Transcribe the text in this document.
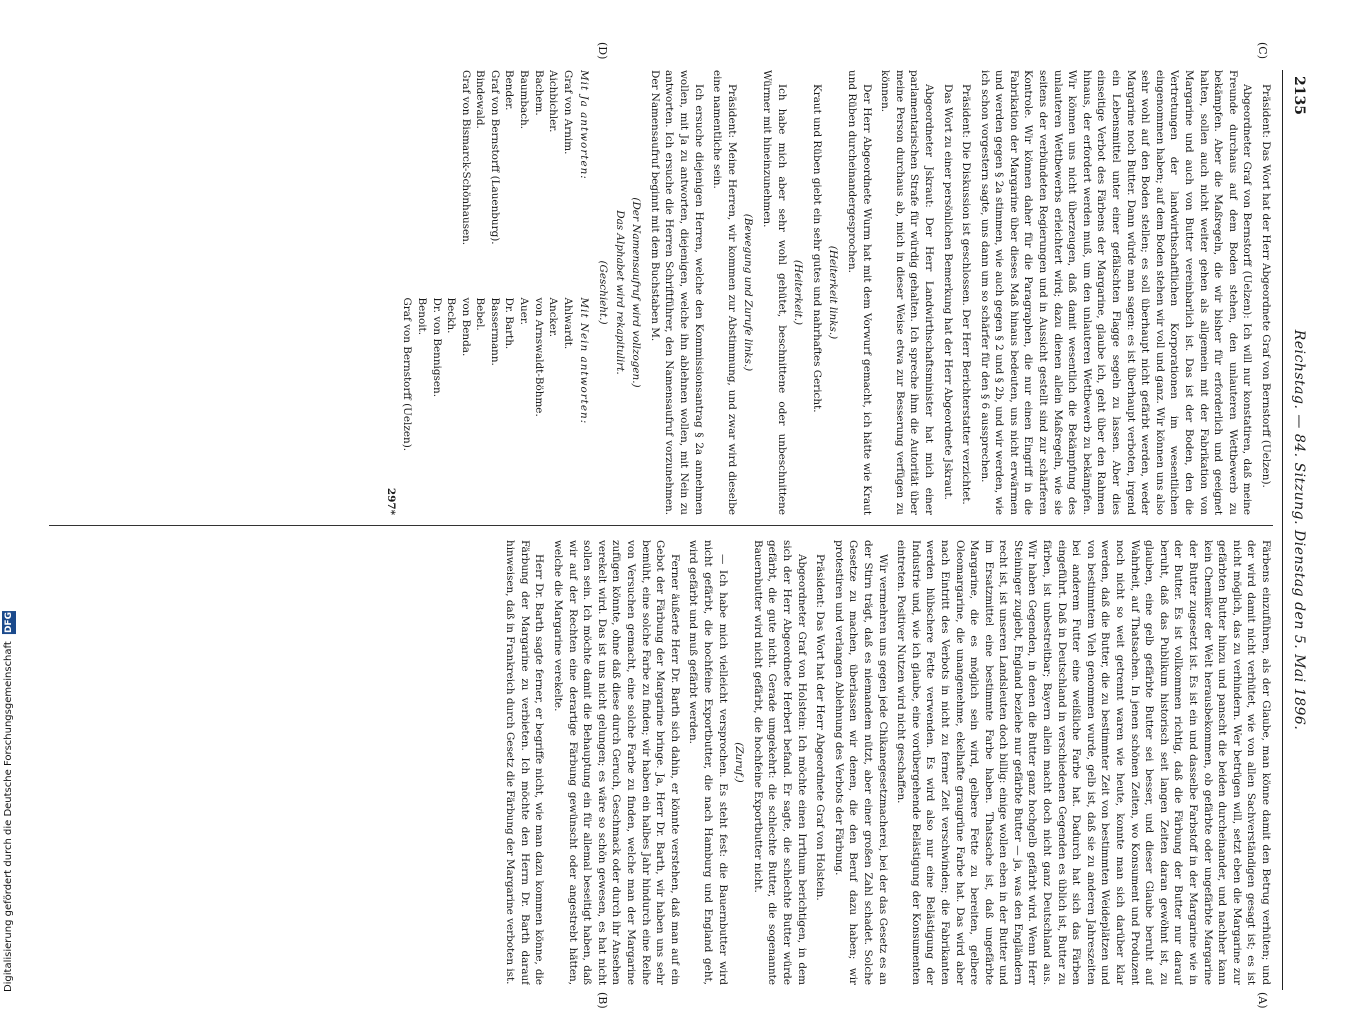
2135
Reichstag. — 84. Sitzung. Dienstag den 5. Mai 1896.
(C)
(D)
(A)
(B)

Präsident: Das Wort hat der Herr Abgeordnete Graf von Bernstorff (Uelzen).

Abgeordneter Graf von Bernstorff (Uelzen): Ich will nur konstatiren, daß meine Freunde durchaus auf dem Boden stehen, den unlauteren Wettbewerb zu bekämpfen. Aber die Maßregeln, die wir bisher für erforderlich und geeignet halten, sollen auch nicht weiter gehen als allgemein mit der Fabrikation von Margarine und auch von Butter vereinbarlich ist. Das ist der Boden, den die Vertretungen der landwirthschaftlichen Korporationen im wesentlichen eingenommen haben; auf dem Boden stehen wir voll und ganz. Wir können uns also sehr wohl auf den Boden stellen; es soll überhaupt nicht gefärbt werden, weder Margarine noch Butter. Dann würde man sagen: es ist überhaupt verboten, irgend ein Lebensmittel unter einer gefälschten Flagge segeln zu lassen. Aber dies einseitige Verbot des Färbens der Margarine, glaube ich, geht über den Rahmen hinaus, der erfordert werden muß, um den unlauteren Wettbewerb zu bekämpfen. Wir können uns nicht überzeugen, daß damit wesentlich die Bekämpfung des unlauteren Wettbewerbs erleichtert wird; dazu dienen allein Maßregeln, wie sie seitens der verbündeten Regierungen und in Aussicht gestellt sind zur schärferen Kontrole. Wir können daher für die Paragraphen, die nur einen Eingriff in die Fabrikation der Margarine über dieses Maß hinaus bedeuten, uns nicht erwärmen und werden gegen § 2a stimmen, wie auch gegen § 2 und § 2b, und wir werden, wie ich schon vorgestern sagte, uns dann um so schärfer für den § 6 aussprechen.

Präsident: Die Diskussion ist geschlossen. Der Herr Berichterstatter verzichtet.

Das Wort zu einer persönlichen Bemerkung hat der Herr Abgeordnete Jskraut.

Abgeordneter Jskraut: Der Herr Landwirthschaftsminister hat mich einer parlamentarischen Strafe für würdig gehalten. Ich spreche ihm die Autorität über meine Person durchaus ab, mich in dieser Weise etwa zur Besserung verfügen zu können.

Der Herr Abgeordnete Wurm hat mit dem Vorwurf gemacht, ich hätte wie Kraut und Rüben durcheinandergesprochen.

(Heiterkeit links.)

Kraut und Rüben giebt ein sehr gutes und nahrhaftes Gericht.

(Heiterkeit.)

Ich habe mich aber sehr wohl gehütet, beschnittene oder unbeschnittene Würmer mit hineinzunehmen.

(Bewegung und Zurufe links.)

Präsident: Meine Herren, wir kommen zur Abstimmung, und zwar wird dieselbe eine namentliche sein.

Ich ersuche diejenigen Herren, welche den Kommissionsantrag § 2a annehmen wollen, mit Ja zu antworten, diejenigen, welche ihn ablehnen wollen, mit Nein zu antworten. Ich ersuche die Herren Schriftführer, den Namensaufruf vorzunehmen. Der Namensaufruf beginnt mit dem Buchstaben M.

(Der Namensaufruf wird vollzogen.)

Das Alphabet wird rekapitulirt.

(Geschieht.)

Mit Ja antworten:
Graf von Arnim.
Aichbichler.
Bachem.
Baumbach.
Bender.
Graf von Bernstorff (Lauenburg).
Bindewald.
Graf von Bismarck-Schönhausen.
Mit Nein antworten:
Ahlwardt.
Ancker.
von Arnswaldt-Böhme.
Auer.
Dr. Barth.
Bassermann.
Bebel.
von Benda.
Beckh.
Dr. von Bennigsen.
Benoit.
Graf von Bernstorff (Uelzen).
297*

Färbens einzuführen, als der Glaube, man könne damit den Betrug verhüten; und der wird damit nicht verhütet, wie von allen Sachverständigen gesagt ist; es ist nicht möglich, das zu verhindern. Wer betrügen will, setzt eben die Margarine zur gefärbten Butter hinzu und panscht die beiden durcheinander, und nachher kann kein Chemiker der Welt herausbekommen, ob gefärbte oder ungefärbte Margarine der Butter zugesetzt ist. Es ist ein und dasselbe Farbstoff in der Margarine wie in der Butter. Es ist vollkommen richtig, daß die Färbung der Butter nur darauf beruht, daß das Publikum historisch seit langen Zeiten daran gewöhnt ist, zu glauben, eine gelb gefärbte Butter sei besser, und dieser Glaube beruht auf Wahrheit, auf Thatsachen. In jenen schönen Zeiten, wo Konsument und Produzent noch nicht so weit getrennt waren wie heute, konnte man sich darüber klar werden, daß die Butter, die zu bestimmter Zeit von bestimmten Weideplätzen und von bestimmtem Vieh genommen wurde, gelb ist, daß sie zu anderen Jahreszeiten bei anderem Futter eine weißliche Farbe hat. Dadurch hat sich das Färben eingeführt. Daß in Deutschland in verschiedenen Gegenden es üblich ist, Butter zu färben, ist unbestreitbar; Bayern allein macht doch nicht ganz Deutschland aus. Wir haben Gegenden, in denen die Butter ganz hochgelb gefärbt wird. Wenn Herr Steininger zugiebt, England beziehe nur gefärbte Butter — ja, was den Engländern recht ist, ist unseren Landsleuten doch billig: einige wollen eben in der Butter und im Ersatzmittel eine bestimmte Farbe haben. Thatsache ist, daß ungefärbte Margarine, die es möglich sein wird, gelbere Fette zu bereiten, gelbere Oleomargarine, die unangenehme, ekelhafte graugrüne Farbe hat. Das wird aber nach Eintritt des Verbots in nicht zu ferner Zeit verschwinden; die Fabrikanten werden hübschere Fette verwenden. Es wird also nur eine Belästigung der Industrie und, wie ich glaube, eine vorübergehende Belästigung der Konsumenten eintreten. Positiver Nutzen wird nicht geschaffen.

Wir vermehren uns gegen jede Chikanegesetzmacherei, bei der das Gesetz es an der Stirn trägt, daß es niemandem nützt, aber einer großen Zahl schadet. Solche Gesetze zu machen, überlassen wir denen, die den Beruf dazu haben; wir protestiren und verlangen Ablehnung des Verbots der Färbung.

Präsident: Das Wort hat der Herr Abgeordnete Graf von Holstein.

Abgeordneter Graf von Holstein: Ich möchte einen Irrthum berichtigen, in dem sich der Herr Abgeordnete Herbert befand. Er sagte, die schlechte Butter würde gefärbt, die gute nicht. Gerade umgekehrt: die schlechte Butter, die sogenannte Bauernbutter wird nicht gefärbt, die hochfeine Exportbutter nicht.

(Zuruf.)

— Ich habe mich vielleicht versprochen. Es steht fest: die Bauernbutter wird nicht gefärbt, die hochfeine Exportbutter, die nach Hamburg und England geht, wird gefärbt und muß gefärbt werden.

Ferner äußerte Herr Dr. Barth sich dahin, er könnte verstehen, daß man auf ein Gebot der Färbung der Margarine bringe. Ja, Herr Dr. Barth, wir haben uns sehr bemüht, eine solche Farbe zu finden; wir haben ein halbes Jahr hindurch eine Reihe von Versuchen gemacht, eine solche Farbe zu finden, welche man der Margarine zufügen könnte, ohne daß diese durch Geruch, Geschmack oder durch ihr Ansehen verekelt wird. Das ist uns nicht gelungen; es wäre so schön gewesen, es hat nicht sollen sein. Ich möchte damit die Behauptung ein für allemal beseitigt haben, daß wir auf der Rechten eine derartige Färbung gewünscht oder angestrebt hätten, welche die Margarine verekelte.

Herr Dr. Barth sagte ferner, er begriffe nicht, wie man dazu kommen könne, die Färbung der Margarine zu verbieten. Ich möchte den Herrn Dr. Barth darauf hinweisen, daß in Frankreich durch Gesetz die Färbung der Margarine verboten ist.

Digitalisierung gefördert durch die Deutsche Forschungsgemeinschaft DFG
